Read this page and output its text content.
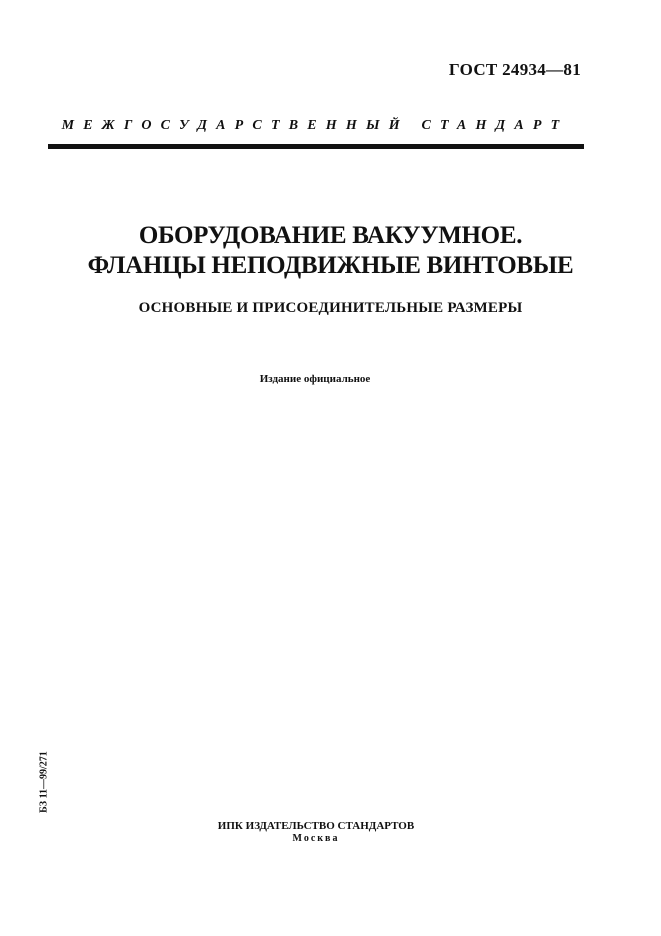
ГОСТ 24934—81
МЕЖГОСУДАРСТВЕННЫЙ СТАНДАРТ
ОБОРУДОВАНИЕ ВАКУУМНОЕ.
ФЛАНЦЫ НЕПОДВИЖНЫЕ ВИНТОВЫЕ
ОСНОВНЫЕ И ПРИСОЕДИНИТЕЛЬНЫЕ РАЗМЕРЫ
Издание официальное
БЗ 11—99/271
ИПК ИЗДАТЕЛЬСТВО СТАНДАРТОВ
Москва
